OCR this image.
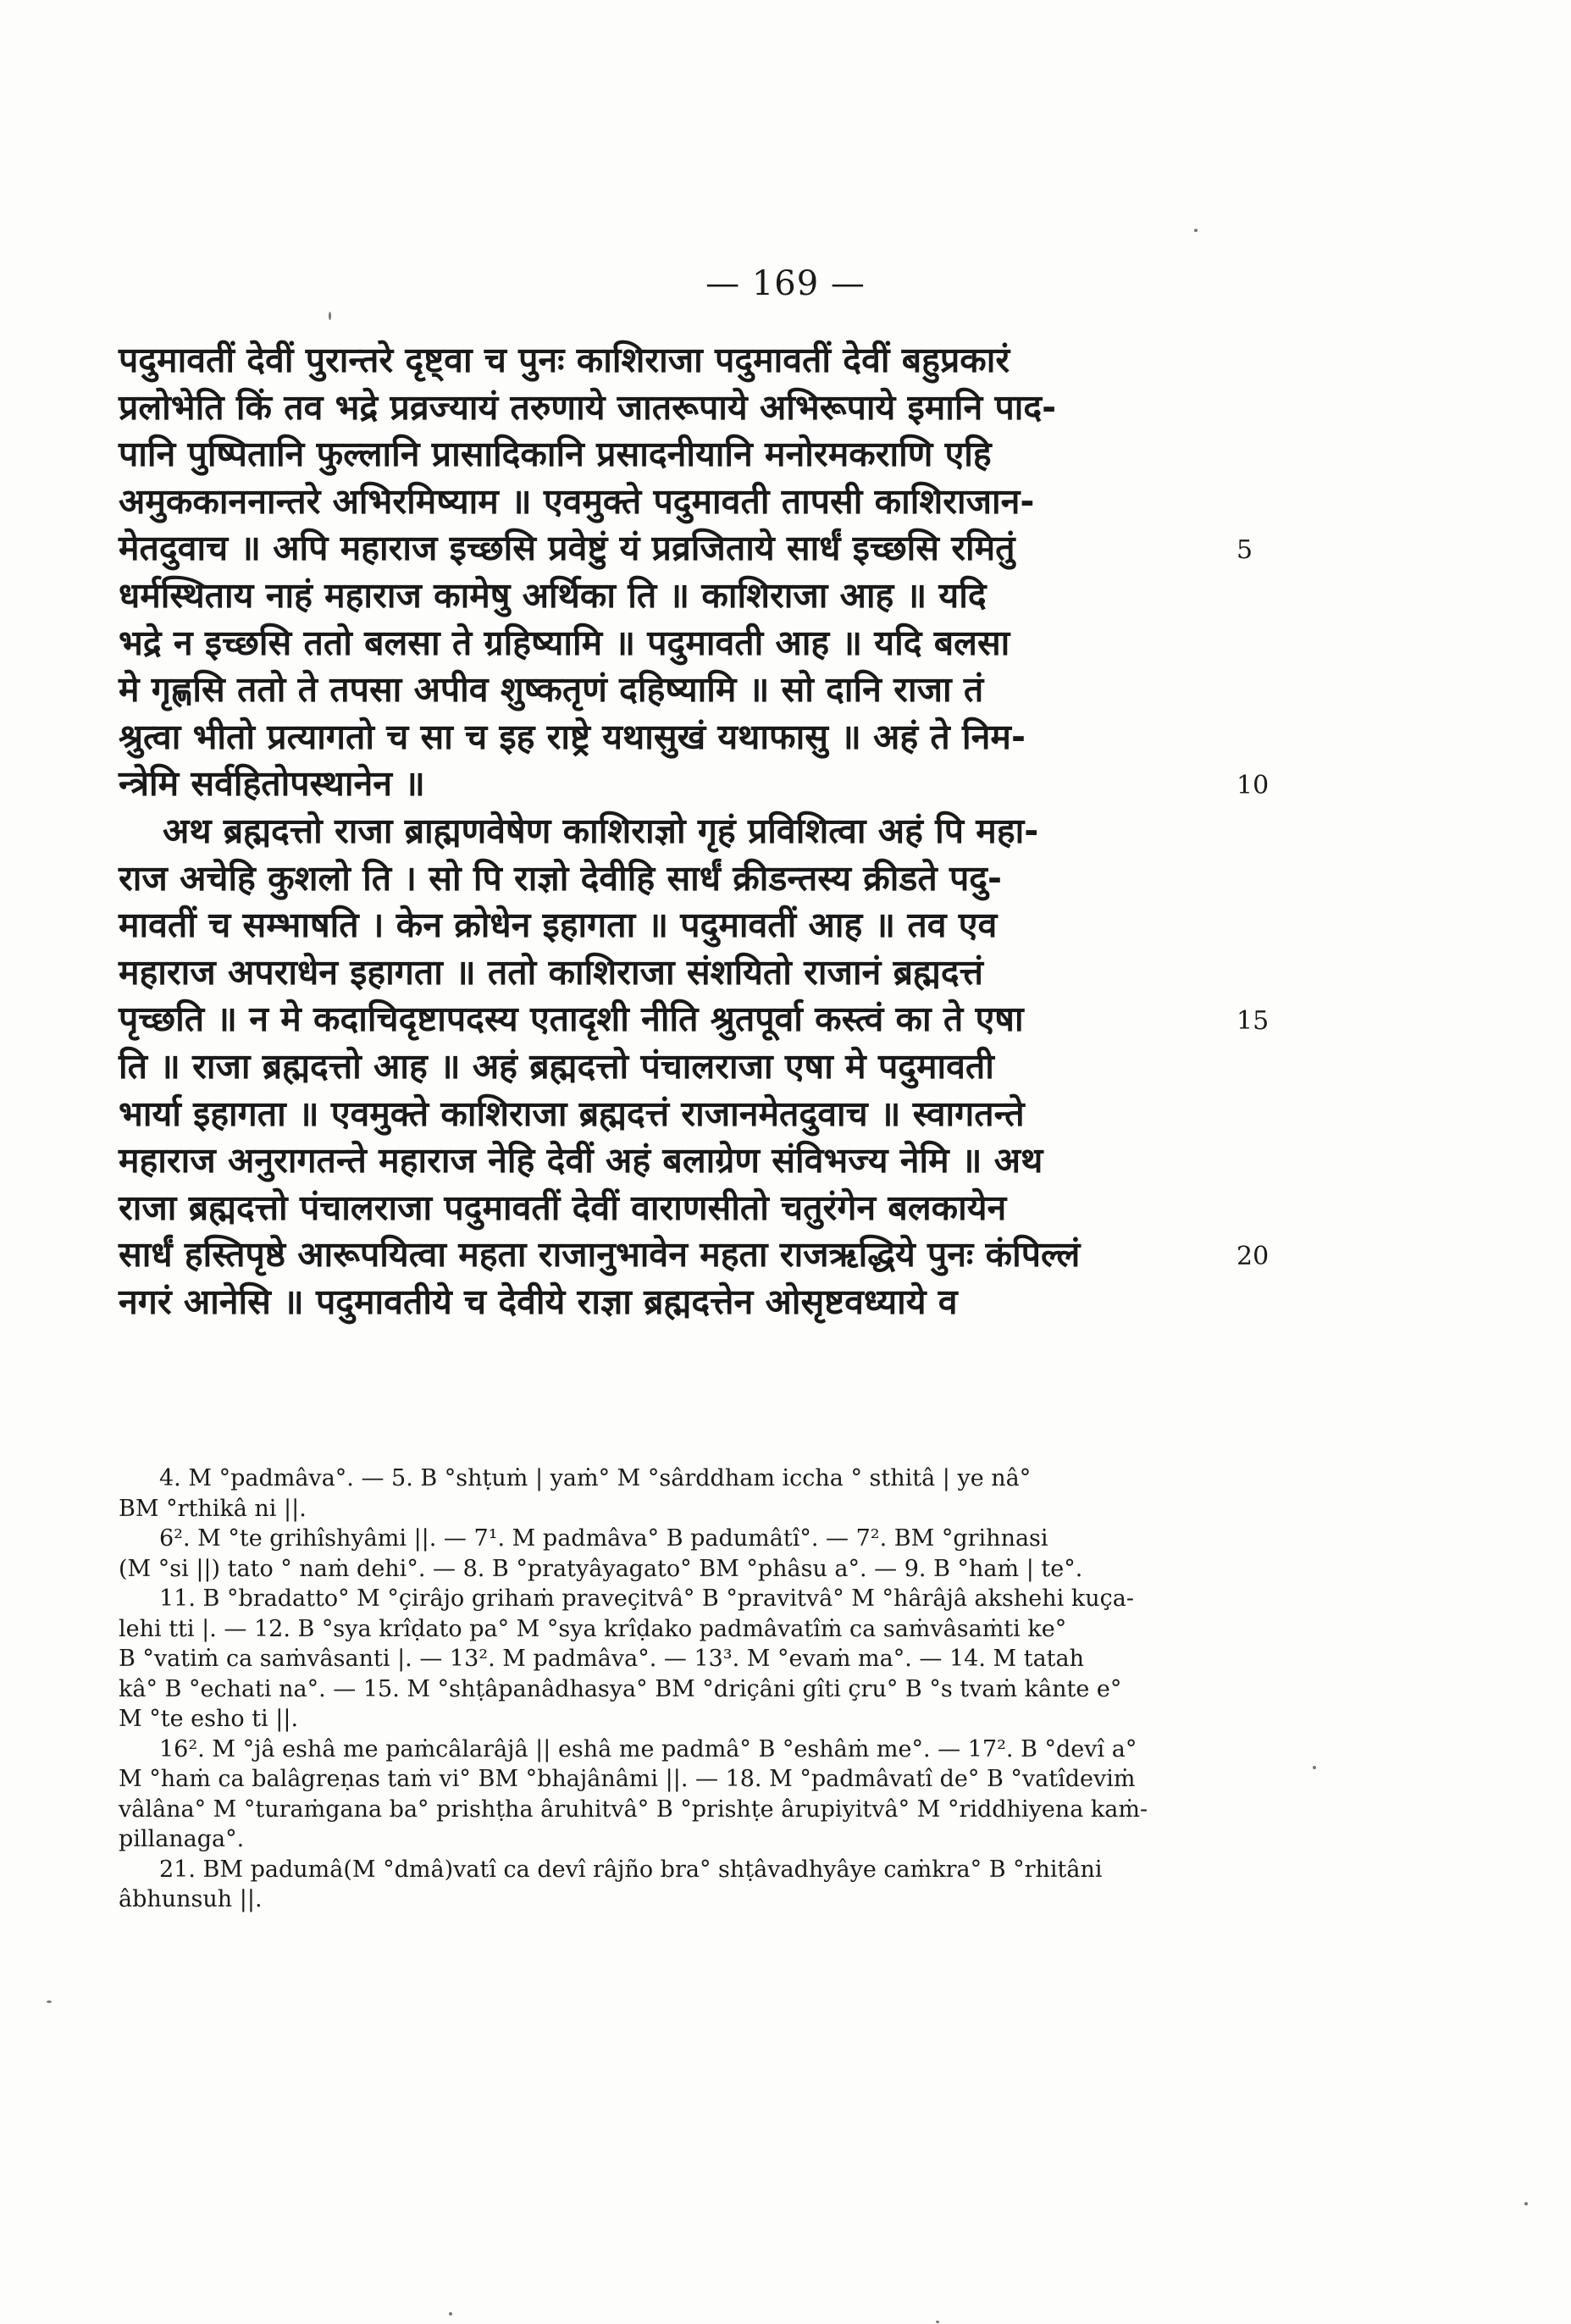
— 169 —
पदुमावतीं देवीं पुरान्तरे दृष्ट्वा च पुनः काशिराजा पदुमावतीं देवीं बहुप्रकारं
प्रलोभेति किं तव भद्रे प्रव्रज्यायं तरुणाये जातरूपाये अभिरूपाये इमानि पाद-
पानि पुष्पितानि फुल्लानि प्रासादिकानि प्रसादनीयानि मनोरमकराणि एहि
अमुककाननान्तरे अभिरमिष्याम ॥ एवमुक्ते पदुमावती तापसी काशिराजान-
मेतदुवाच ॥ अपि महाराज इच्छसि प्रवेष्टुं यं प्रव्रजिताये सार्धं इच्छसि रमितुं	5
धर्मस्थिताय नाहं महाराज कामेषु अर्थिका ति ॥ काशिराजा आह ॥ यदि
भद्रे न इच्छसि ततो बलसा ते ग्रहिष्यामि ॥ पदुमावती आह ॥ यदि बलसा
मे गृह्णसि ततो ते तपसा अपीव शुष्कतृणं दहिष्यामि ॥ सो दानि राजा तं
श्रुत्वा भीतो प्रत्यागतो च सा च इह राष्ट्रे यथासुखं यथाफासु ॥ अहं ते निम-
न्त्रेमि सर्वहितोपस्थानेन ॥	10
अथ ब्रह्मदत्तो राजा ब्राह्मणवेषेण काशिराज्ञो गृहं प्रविशित्वा अहं पि महा-
राज अचेहि कुशलो ति । सो पि राज्ञो देवीहि सार्धं क्रीडन्तस्य क्रीडते पदु-
मावतीं च सम्भाषति । केन क्रोधेन इहागता ॥ पदुमावतीं आह ॥ तव एव
महाराज अपराधेन इहागता ॥ ततो काशिराजा संशयितो राजानं ब्रह्मदत्तं
पृच्छति ॥ न मे कदाचिदृष्टापदस्य एतादृशी नीति श्रुतपूर्वा कस्त्वं का ते एषा	15
ति ॥ राजा ब्रह्मदत्तो आह ॥ अहं ब्रह्मदत्तो पंचालराजा एषा मे पदुमावती
भार्या इहागता ॥ एवमुक्ते काशिराजा ब्रह्मदत्तं राजानमेतदुवाच ॥ स्वागतन्ते
महाराज अनुरागतन्ते महाराज नेहि देवीं अहं बलाग्रेण संविभज्य नेमि ॥ अथ
राजा ब्रह्मदत्तो पंचालराजा पदुमावतीं देवीं वाराणसीतो चतुरंगेन बलकायेन
सार्धं हस्तिपृष्ठे आरूपयित्वा महता राजानुभावेन महता राजऋद्धिये पुनः कंपिल्लं	20
नगरं आनेसि ॥ पदुमावतीये च देवीये राज्ञा ब्रह्मदत्तेन ओसृष्टवध्याये व
4. M °padmâva°. — 5. B °shṭuṁ | yaṁ° M °sârddham iccha ° sthitâ | ye nâ°
BM °rthikâ ni ||.
6². M °te grihîshyâmi ||. — 7¹. M padmâva° B padumâtî°. — 7². BM °grihnasi
(M °si ||) tato ° naṁ dehi°. — 8. B °pratyâyagato° BM °phâsu a°. — 9. B °haṁ | te°.
11. B °bradatto° M °çirâjo grihaṁ praveçitvâ° B °pravitvâ° M °hârâjâ akshehi kuça-
lehi tti |. — 12. B °sya krîḍato pa° M °sya krîḍako padmâvatîṁ ca saṁvâsaṁti ke°
B °vatiṁ ca saṁvâsanti |. — 13². M padmâva°. — 13³. M °evaṁ ma°. — 14. M tatah
kâ° B °echati na°. — 15. M °shṭâpanâdhasya° BM °driçâni gîti çru° B °s tvaṁ kânte e°
M °te esho ti ||.
16². M °jâ eshâ me paṁcâlarâjâ || eshâ me padmâ° B °eshâṁ me°. — 17². B °devî a°
M °haṁ ca balâgreṇas taṁ vi° BM °bhajânâmi ||. — 18. M °padmâvatî de° B °vatîdeviṁ
vâlâna° M °turaṁgana ba° prishṭha âruhitvâ° B °prishṭe ârupiyitvâ° M °riddhiyena kaṁ-
pillanaga°.
21. BM padumâ(M °dmâ)vatî ca devî râjño bra° shṭâvadhyâye caṁkra° B °rhitâni
âbhunsuh ||.
